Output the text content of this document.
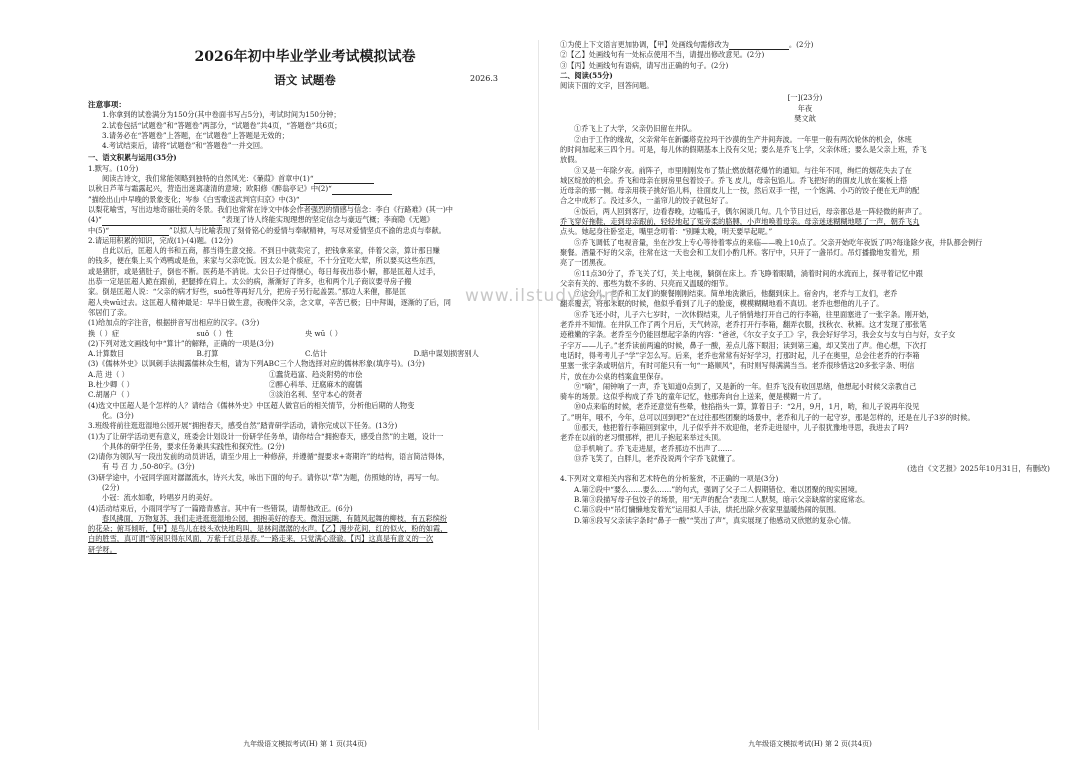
2026年初中毕业学业考试模拟试卷
语文 试题卷	2026.3

注意事项：

1.你拿到的试卷满分为150分(其中卷面书写占5分)，考试时间为150分钟；

2.试卷包括“试题卷”和“答题卷”两部分，“试题卷”共4页，“答题卷”共6页；

3.请务必在“答题卷”上答题，在“试题卷”上答题是无效的；

4.考试结束后，请将“试题卷”和“答题卷”一并交回。

一、语文积累与运用(35分)

1.默写。(10分)

阅读古诗文，我们常能领略到独特的自然风光：《蒹葭》首章中(1)“

以秋日芦苇与霜露起兴，营造出迷离凄清的意境；欧阳修《醉翁亭记》中(2)“

”描绘出山中早晚的景象变化；岑参《白雪歌送武判官归京》中(3)“

以梨花喻雪，写出边地奇丽壮美的冬景。我们也常常在诗文中体会作者强烈的情感与信念：李白《行路难》(其一)中

(4)“	”表现了诗人终能实现理想的坚定信念与豪迈气概；李商隐《无题》

中(5)“	”以拟人与比喻表现了刻骨铭心的爱情与奉献精神，写尽对爱情坚贞不渝的忠贞与奉献。

2.请运用积累的知识，完成(1)-(4)题。(12分)

自此以后，匡超人的书和五商，都当得生意交接。不到日中就卖完了，把钱拿来家，伴着父亲，算计那日赚

的钱多，便在集上买个鸡鸭或是鱼，来家与父亲吃饭。因太公是个痰症，不十分宜吃大荤，所以要买这些东西，

或是猪肝，或是猪肚子，倒也不断。医药是不消说。太公日子过得惬心，每日每夜出恭小解，都是匡超人过手，

出恭一定是匡超人跪在跟前，把腿捧在肩上。太公的病，渐渐好了许多，也和两个儿子商议要寻房子搬

家。倒是匡超人说：“父亲的病才好些，suǒ性等再好几分，把房子另行起盖罢。”那边人来催，都是匡

超人央wū过去。这匡超人精神最足：早半日做生意，夜晚伴父亲，念文章，辛苦已极；日中拜谒，逐渐的了后，同

邻居们了亲。

(1)给加点的字注音，根据拼音写出相应的汉字。(3分)

换（ ）症	suǒ（ ）性	央 wū（ ）

(2)下列对选文画线句中“算计”的解释，正确的一项是(3分)

A.计算数目	B.打算	C.估计	D.暗中谋划损害别人

(3)《儒林外史》以讽刺手法揭露儒林众生相，请为下列ABC三个人物选择对应的儒林形象(填序号)。(3分)

A.范 进（ ）	①蠢货趋富、趋炎附势的市侩
B.杜少卿（ ）	②醉心科举、迂腐麻木的腐儒
C.胡屠户（ ）	③淡泊名利、坚守本心的贤者

(4)选文中匡超人是个怎样的人？请结合《儒林外史》中匡超人做官后的相关情节，分析他后期的人物变

化。(3分)

3.班级将前往逛逛湿地公园开展“拥抱春天，感受自然”踏青研学活动，请你完成以下任务。(13分)

(1)为了让研学活动更有意义，班委会计划设计一份研学任务单，请你结合“拥抱春天，感受自然”的主题，设计一

个具体的研学任务，要求任务兼具实践性和探究性。(2分)

(2)请你为领队写一段出发前的动员讲话，请至少用上一种修辞，并遵循“提要求+寄期许”的结构，语言简洁得体，

有 号 召 力 ,50-80字。(3分)

(3)研学途中，小冠同学面对潺潺流水，诗兴大发，咏出下面的句子。请你以“草”为题，仿照她的诗，再写一句。

(2分)

小冠：流水如歌，吟唱岁月的美好。

(4)活动结束后，小雨同学写了一篇踏青感言。其中有一些错误，请帮他改正。(6分)

春风拂面，万物复苏，我们走进逛逛湿地公园，拥抱美好的春天。微泪远眺，有随风起舞的柳枝，有五彩缤纷

的花朵；俯耳倾听，【甲】是鸟儿在枝头欢快地鸣叫，是林间潺潺的水声。【乙】漫步花间，红的似火，粉的如霞，

白的胜雪，真可谓“等闲识得东风面，万紫千红总是春。”一路走来，只觉满心澄澈。【丙】这真是有意义的一次

研学呀。

九年级语文模拟考试(H) 第 1 页(共4页)

①为使上下文语言更加协调，【甲】处画线句需修改为	。(2分)

②【乙】处画线句有一处标点使用不当，请提出修改意见。(2分)

③【丙】处画线句有语病，请写出正确的句子。(2分)

二、阅读(55分)

阅读下面的文字，回答问题。

[一](23分)

年夜

樊文歆

①乔飞上了大学，父亲仍旧留在井队。

②由于工作的缘故，父亲常年在新疆塔克拉玛干沙漠的生产井间奔波。一年里一般有两次轮休的机会，休班

的时间加起来三四个月。可是，每儿休的假期基本上没有父见；要么是乔飞上学，父亲休班；要么是父亲上班，乔飞

放假。

③又是一年除夕夜。前阵子，市里刚刚发布了禁止燃放烟花爆竹的通知。与往年不同，绚烂的烟花失去了在

城区绽放的机会。乔飞和母亲在厨房里包着饺子。乔飞 皮儿，母亲包馅儿。乔飞把好的的面皮儿放在案板上搭

近母亲的那一侧。母亲用筷子挑好馅儿料，往面皮儿上一按，然后双手一捏，一个饱满、小巧的饺子便在无声的配

合之中成形了。没过多久，一盖帘儿的饺子就包好了。

④饭后，两人回到客厅，边看春晚，边嗑瓜子，偶尔闲谈几句。几个节目过后，母亲都总是一阵轻微的鼾声了。

乔飞穿好拖鞋，走到母亲跟前，轻轻地起了冤旁柔的胳膊，小声地唤着母亲。母亲迷迷糊糊地嗯了一声，朝乔飞丸

点头。她起身往卧室走，嘴里念叨着：“别睡太晚，明天要早起呢。”

⑤乔飞调低了电视音量，坐在沙发上专心等待着零点的来临——晚上10点了。父亲开始吃年夜饭了吗?每逢除夕夜，井队都会例行

聚餐。酒量不好的父亲，往常在这一天也会和工友们小酌几杯。客厅中，只开了一盏吊灯。吊灯播撒地发着光，照

亮了一团黑夜。

⑥11点30分了，乔飞关了灯，关上电视，躺倒在床上。乔飞睁着眼睛，淌着时间的水流而上，探寻着记忆中跟

父亲有关的、那些为数不多的、只亮而又温暖的细节。

⑦这会儿，老乔和工友们的聚餐刚刚结束。简单地洗漱后，他翻到床上。宿舍内，老乔与工友们，老乔

翻来覆去，将那未眠的时候，他似乎看到了儿子的脸庞，模模糊糊地看不真切。老乔也想他的儿子了。

⑧乔飞还小时，儿子六七岁时，一次休假结束，儿子悄悄地打开自己的行李箱，往里面塞进了一张字条。刚开始，

老乔并不知情。在井队工作了两个月后，天气转凉，老乔打开行李箱，翻弄衣服，找秋衣、秋裤。这才发现了那张笔

迹稚嫩的字条。老乔至今仍能回想起字条的内容：“爸爸，《尔女子女子工》字，我会好好学习，我会女与女与白与好，女子女

子字万——儿子。”老乔读前两遍的时候，鼻子一酸，差点儿落下眼泪；读到第三遍，却又笑出了声。他心想，下次打

电话时，得考考儿子“学”字怎么写。后来，老乔也常常有好好学习，打那时起，儿子在奥里，总会往老乔的行李箱

里塞一张字条或明信片，有时可能只有一句“一路顺风”，有时则写得满满当当。老乔很珍惜这20多张字条、明信

片，放在办公桌的档案盒里保存。

⑨“嘀”，闹钟响了一声，乔飞知道0点到了，又是新的一年。但乔飞没有收回思绪，他想起小时候父亲教自己

骑车的场景。这似乎构成了乔飞的童年记忆，他那奔向台上送来，便是模糊一片了。

⑩0点来临的时候，老乔还意觉有些晕，他掐指头一算，算着日子：“2月，9月，1月，哟，和儿子说再年没见

了。”明年，哦不，今年，总可以回到吧?”在过往那些团聚的场景中，老乔和儿子的一起守岁，那是怎样的，还是在儿子3岁的时候。

⑪那天，他把着行李箱回到家中，儿子似乎并不欢迎他，老乔走进屋中，儿子很犹豫地寻思，我进去了吗?

老乔在以前的老习惯那样，把儿子抱起来举过头顶。

⑫手机响了。乔飞走进屋，老乔那边不出声了……

⑬乔飞笑了，白胖儿，老乔没说两个字乔飞就懂了。

(选自《文艺报》2025年10月31日，有删改)

4.下列对文章相关内容和艺术特色的分析鉴赏，不正确的一项是(3分)

A.第②段中“要么……要么……”的句式，强调了父子二人假期错位、难以团聚的现实困境。

B.第③段描写母子包饺子的场景，用“无声的配合”表现二人默契，暗示父亲缺席的家庭常态。

C.第⑤段中“吊灯慵懒地发着光”运用拟人手法，烘托出除夕夜家里温暖热闹的氛围。

D.第⑧段写父亲读字条时“鼻子一酸”“笑出了声”，真实展现了他感动又欣慰的复杂心情。

九年级语文模拟考试(H) 第 2 页(共4页)
www.ilstudy.com
